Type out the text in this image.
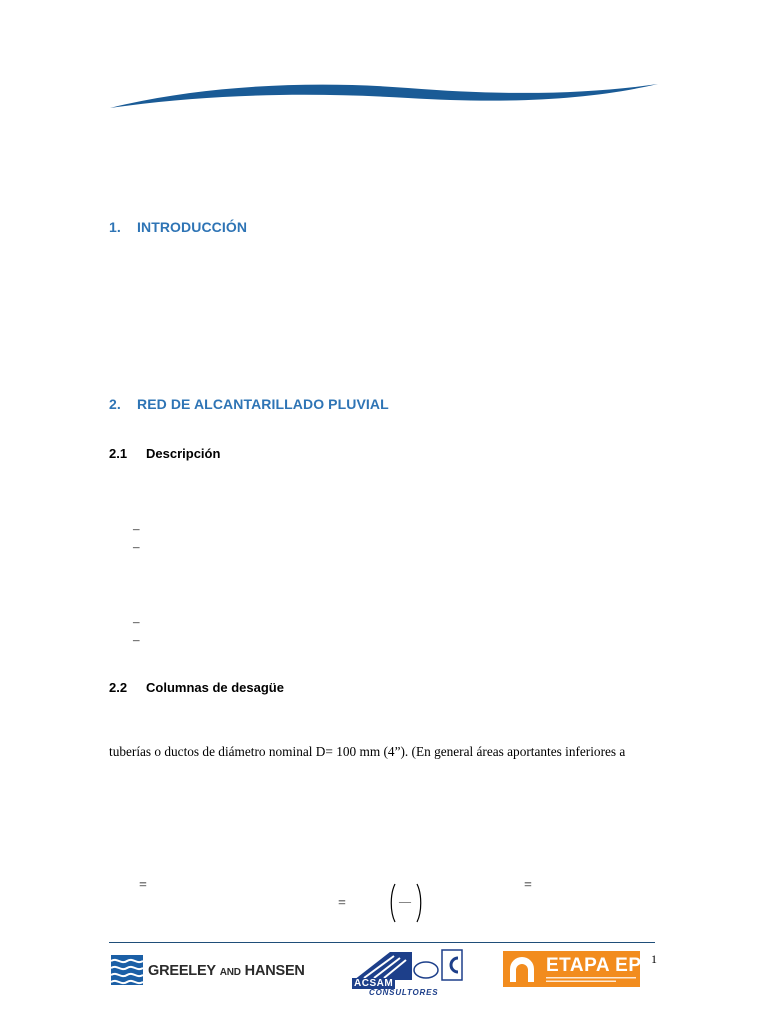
1. INTRODUCCIÓN
2. RED DE ALCANTARILLADO PLUVIAL
2.1 Descripción
–
–
–
–
2.2 Columnas de desagüe
tuberías o ductos de diámetro nominal D= 100 mm (4”). (En general áreas aportantes inferiores a
=
=
=
—
1
GREELEY AND HANSEN
ACSAM
CONSULTORES
ETAPA EP
